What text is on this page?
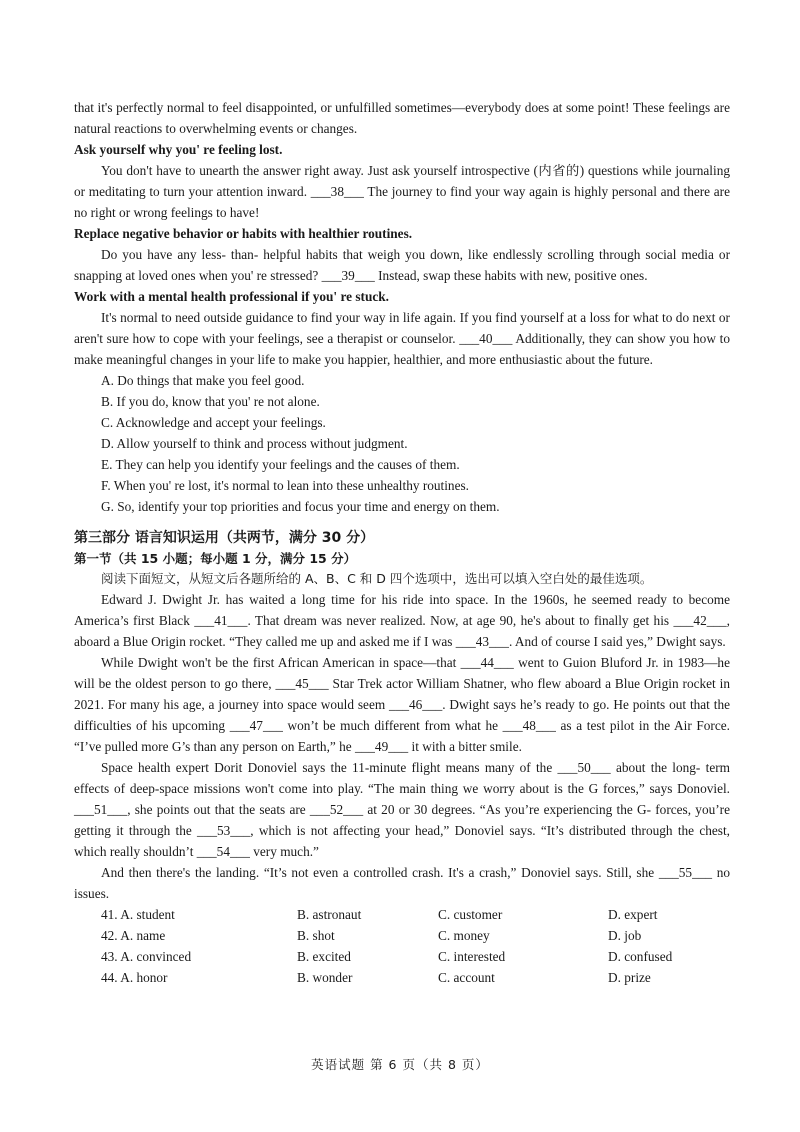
that it's perfectly normal to feel disappointed, or unfulfilled sometimes—everybody does at some point! These feelings are natural reactions to overwhelming events or changes.

Ask yourself why you' re feeling lost.

You don't have to unearth the answer right away. Just ask yourself introspective (内省的) questions while journaling or meditating to turn your attention inward. ___38___ The journey to find your way again is highly personal and there are no right or wrong feelings to have!

Replace negative behavior or habits with healthier routines.

Do you have any less- than- helpful habits that weigh you down, like endlessly scrolling through social media or snapping at loved ones when you' re stressed? ___39___ Instead, swap these habits with new, positive ones.

Work with a mental health professional if you' re stuck.

It's normal to need outside guidance to find your way in life again. If you find yourself at a loss for what to do next or aren't sure how to cope with your feelings, see a therapist or counselor. ___40___ Additionally, they can show you how to make meaningful changes in your life to make you happier, healthier, and more enthusiastic about the future.

A. Do things that make you feel good.
B. If you do, know that you' re not alone.
C. Acknowledge and accept your feelings.
D. Allow yourself to think and process without judgment.
E. They can help you identify your feelings and the causes of them.
F. When you' re lost, it's normal to lean into these unhealthy routines.
G. So, identify your top priorities and focus your time and energy on them.
第三部分 语言知识运用（共两节，满分 30 分）
第一节（共 15 小题；每小题 1 分，满分 15 分）

阅读下面短文，从短文后各题所给的 A、B、C 和 D 四个选项中，选出可以填入空白处的最佳选项。

Edward J. Dwight Jr. has waited a long time for his ride into space. In the 1960s, he seemed ready to become America’s first Black ___41___. That dream was never realized. Now, at age 90, he's about to finally get his ___42___, aboard a Blue Origin rocket. “They called me up and asked me if I was ___43___. And of course I said yes,” Dwight says.

While Dwight won't be the first African American in space—that ___44___ went to Guion Bluford Jr. in 1983—he will be the oldest person to go there, ___45___ Star Trek actor William Shatner, who flew aboard a Blue Origin rocket in 2021. For many his age, a journey into space would seem ___46___. Dwight says he’s ready to go. He points out that the difficulties of his upcoming ___47___ won’t be much different from what he ___48___ as a test pilot in the Air Force. “I’ve pulled more G’s than any person on Earth,” he ___49___ it with a bitter smile.

Space health expert Dorit Donoviel says the 11-minute flight means many of the ___50___ about the long- term effects of deep-space missions won't come into play. “The main thing we worry about is the G forces,” says Donoviel. ___51___, she points out that the seats are ___52___ at 20 or 30 degrees. “As you’re experiencing the G- forces, you’re getting it through the ___53___, which is not affecting your head,” Donoviel says. “It’s distributed through the chest, which really shouldn’t ___54___ very much.”

And then there's the landing. “It’s not even a controlled crash. It's a crash,” Donoviel says. Still, she ___55___ no issues.

41. A. student	B. astronaut	C. customer	D. expert
42. A. name	B. shot	C. money	D. job
43. A. convinced	B. excited	C. interested	D. confused
44. A. honor	B. wonder	C. account	D. prize
英语试题 第 6 页（共 8 页）
